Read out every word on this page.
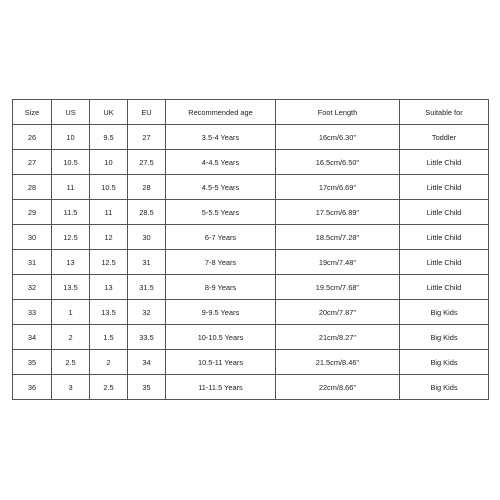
Size	US	UK	EU	Recommended age	Foot Length	Suitable for
26	10	9.5	27	3.5-4 Years	16cm/6.30''	Toddler
27	10.5	10	27.5	4-4.5 Years	16.5cm/6.50''	Little Child
28	11	10.5	28	4.5-5 Years	17cm/6.69''	Little Child
29	11.5	11	28.5	5-5.5 Years	17.5cm/6.89''	Little Child
30	12.5	12	30	6-7 Years	18.5cm/7.28''	Little Child
31	13	12.5	31	7-8 Years	19cm/7.48''	Little Child
32	13.5	13	31.5	8-9 Years	19.5cm/7.68''	Little Child
33	1	13.5	32	9-9.5 Years	20cm/7.87''	Big Kids
34	2	1.5	33.5	10-10.5 Years	21cm/8.27''	Big Kids
35	2.5	2	34	10.5-11 Years	21.5cm/8.46''	Big Kids
36	3	2.5	35	11-11.5 Years	22cm/8.66''	Big Kids
